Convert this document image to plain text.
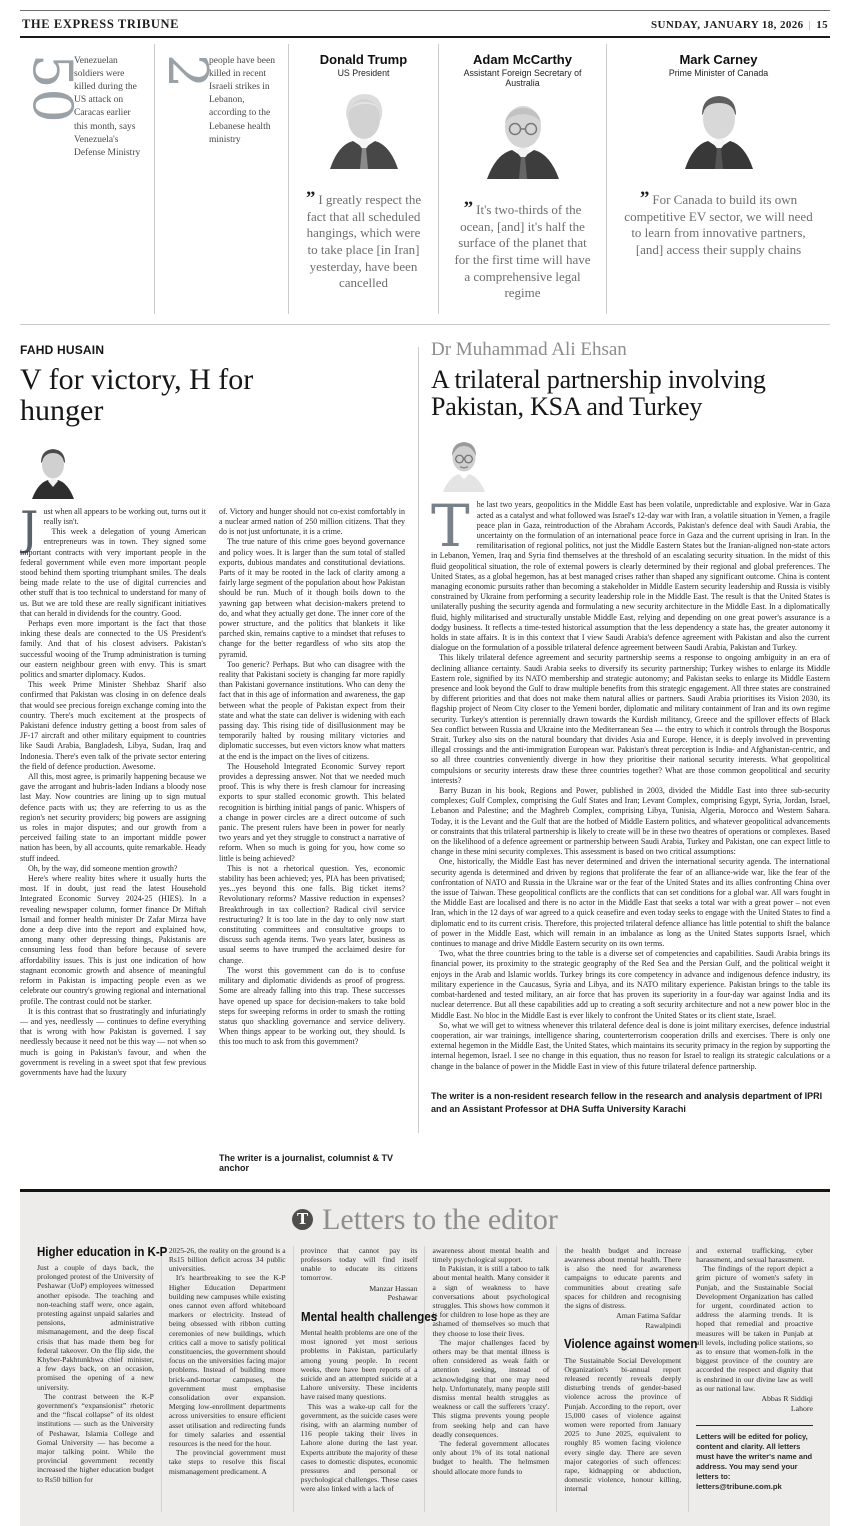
THE EXPRESS TRIBUNE	SUNDAY, JANUARY 18, 2026 | 15
50

Venezuelan soldiers were killed during the US attack on Caracas earlier this month, says Venezuela's Defense Ministry

2

people have been killed in recent Israeli strikes in Lebanon, according to the Lebanese health ministry

Donald Trump
US President

” I greatly respect the fact that all scheduled hangings, which were to take place [in Iran] yesterday, have been cancelled

Adam McCarthy
Assistant Foreign Secretary of Australia

” It's two-thirds of the ocean, [and] it's half the surface of the planet that for the first time will have a comprehensive legal regime

Mark Carney
Prime Minister of Canada

” For Canada to build its own competitive EV sector, we will need to learn from innovative partners, [and] access their supply chains

FAHD HUSAIN
V for victory, H for
hunger

Just when all appears to be working out, turns out it really isn't.

This week a delegation of young American entrepreneurs was in town. They signed some important contracts with very important people in the federal government while even more important people stood behind them sporting triumphant smiles. The deals being made relate to the use of digital currencies and other stuff that is too technical to understand for many of us. But we are told these are really significant initiatives that can herald in dividends for the country. Good.

Perhaps even more important is the fact that those inking these deals are connected to the US President's family. And that of his closest advisers. Pakistan's successful wooing of the Trump administration is turning our eastern neighbour green with envy. This is smart politics and smarter diplomacy. Kudos.

This week Prime Minister Shehbaz Sharif also confirmed that Pakistan was closing in on defence deals that would see precious foreign exchange coming into the country. There's much excitement at the prospects of Pakistani defence industry getting a boost from sales of JF-17 aircraft and other military equipment to countries like Saudi Arabia, Bangladesh, Libya, Sudan, Iraq and Indonesia. There's even talk of the private sector entering the field of defence production. Awesome.

All this, most agree, is primarily happening because we gave the arrogant and hubris-laden Indians a bloody nose last May. Now countries are lining up to sign mutual defence pacts with us; they are referring to us as the region's net security providers; big powers are assigning us roles in major disputes; and our growth from a perceived failing state to an important middle power nation has been, by all accounts, quite remarkable. Heady stuff indeed.

Oh, by the way, did someone mention growth?

Here's where reality bites where it usually hurts the most. If in doubt, just read the latest Household Integrated Economic Survey 2024-25 (HIES). In a revealing newspaper column, former finance Dr Miftah Ismail and former health minister Dr Zafar Mirza have done a deep dive into the report and explained how, among many other depressing things, Pakistanis are consuming less food than before because of severe affordability issues. This is just one indication of how stagnant economic growth and absence of meaningful reform in Pakistan is impacting people even as we celebrate our country's growing regional and international profile. The contrast could not be starker.

It is this contrast that so frustratingly and infuriatingly — and yes, needlessly — continues to define everything that is wrong with how Pakistan is governed. I say needlessly because it need not be this way — not when so much is going in Pakistan's favour, and when the government is reveling in a sweet spot that few previous governments have had the luxury

of. Victory and hunger should not co-exist comfortably in a nuclear armed nation of 250 million citizens. That they do is not just unfortunate, it is a crime.

The true nature of this crime goes beyond governance and policy woes. It is larger than the sum total of stalled exports, dubious mandates and constitutional deviations. Parts of it may be rooted in the lack of clarity among a fairly large segment of the population about how Pakistan should be run. Much of it though boils down to the yawning gap between what decision-makers pretend to do, and what they actually get done. The inner core of the power structure, and the politics that blankets it like parched skin, remains captive to a mindset that refuses to change for the better regardless of who sits atop the pyramid.

Too generic? Perhaps. But who can disagree with the reality that Pakistani society is changing far more rapidly than Pakistani governance institutions. Who can deny the fact that in this age of information and awareness, the gap between what the people of Pakistan expect from their state and what the state can deliver is widening with each passing day. This rising tide of disillusionment may be temporarily halted by rousing military victories and diplomatic successes, but even victors know what matters at the end is the impact on the lives of citizens.

The Household Integrated Economic Survey report provides a depressing answer. Not that we needed much proof. This is why there is fresh clamour for increasing exports to spur stalled economic growth. This belated recognition is birthing initial pangs of panic. Whispers of a change in power circles are a direct outcome of such panic. The present rulers have been in power for nearly two years and yet they struggle to construct a narrative of reform. When so much is going for you, how come so little is being achieved?

This is not a rhetorical question. Yes, economic stability has been achieved; yes, PIA has been privatised; yes...yes beyond this one falls. Big ticket items? Revolutionary reforms? Massive reduction in expenses? Breakthrough in tax collection? Radical civil service restructuring? It is too late in the day to only now start constituting committees and consultative groups to discuss such agenda items. Two years later, business as usual seems to have trumped the acclaimed desire for change.

The worst this government can do is to confuse military and diplomatic dividends as proof of progress. Some are already falling into this trap. These successes have opened up space for decision-makers to take bold steps for sweeping reforms in order to smash the rotting status quo shackling governance and service delivery. When things appear to be working out, they should. Is this too much to ask from this government?

The writer is a journalist, columnist & TV anchor
Dr Muhammad Ali Ehsan
A trilateral partnership involving
Pakistan, KSA and Turkey

The last two years, geopolitics in the Middle East has been volatile, unpredictable and explosive. War in Gaza acted as a catalyst and what followed was Israel's 12-day war with Iran, a volatile situation in Yemen, a fragile peace plan in Gaza, reintroduction of the Abraham Accords, Pakistan's defence deal with Saudi Arabia, the uncertainty on the formulation of an international peace force in Gaza and the current uprising in Iran. In the remilitarisation of regional politics, not just the Middle Eastern States but the Iranian-aligned non-state actors in Lebanon, Yemen, Iraq and Syria find themselves at the threshold of an escalating security situation. In the midst of this fluid geopolitical situation, the role of external powers is clearly determined by their regional and global preferences. The United States, as a global hegemon, has at best managed crises rather than shaped any significant outcome. China is content managing economic pursuits rather than becoming a stakeholder in Middle Eastern security leadership and Russia is visibly constrained by Ukraine from performing a security leadership role in the Middle East. The result is that the United States is unilaterally pushing the security agenda and formulating a new security architecture in the Middle East. In a diplomatically fluid, highly militarised and structurally unstable Middle East, relying and depending on one great power's assurance is a dodgy business. It reflects a time-tested historical assumption that the less dependency a state has, the greater autonomy it holds in state affairs. It is in this context that I view Saudi Arabia's defence agreement with Pakistan and also the current dialogue on the formulation of a possible trilateral defence agreement between Saudi Arabia, Pakistan and Turkey.

This likely trilateral defence agreement and security partnership seems a response to ongoing ambiguity in an era of declining alliance certainty. Saudi Arabia seeks to diversify its security partnership; Turkey wishes to enlarge its Middle Eastern role, signified by its NATO membership and strategic autonomy; and Pakistan seeks to enlarge its Middle Eastern presence and look beyond the Gulf to draw multiple benefits from this strategic engagement. All three states are constrained by different priorities and that does not make them natural allies or partners. Saudi Arabia prioritises its Vision 2030, its flagship project of Neom City closer to the Yemeni border, diplomatic and military containment of Iran and its own regime security. Turkey's attention is perennially drawn towards the Kurdish militancy, Greece and the spillover effects of Black Sea conflict between Russia and Ukraine into the Mediterranean Sea — the entry to which it controls through the Bosporus Strait. Turkey also sits on the natural boundary that divides Asia and Europe. Hence, it is deeply involved in preventing illegal crossings and the anti-immigration European war. Pakistan's threat perception is India- and Afghanistan-centric, and so all three countries conveniently diverge in how they prioritise their national security interests. What geopolitical compulsions or security interests draw these three countries together? What are those common geopolitical and security interests?

Barry Buzan in his book, Regions and Power, published in 2003, divided the Middle East into three sub-security complexes; Gulf Complex, comprising the Gulf States and Iran; Levant Complex, comprising Egypt, Syria, Jordan, Israel, Lebanon and Palestine; and the Maghreb Complex, comprising Libya, Tunisia, Algeria, Morocco and Western Sahara. Today, it is the Levant and the Gulf that are the hotbed of Middle Eastern politics, and whatever geopolitical advancements or constraints that this trilateral partnership is likely to create will be in these two theatres of operations or complexes. Based on the likelihood of a defence agreement or partnership between Saudi Arabia, Turkey and Pakistan, one can expect little to change in these mini security complexes. This assessment is based on two critical assumptions:

One, historically, the Middle East has never determined and driven the international security agenda. The international security agenda is determined and driven by regions that proliferate the fear of an alliance-wide war, like the fear of the confrontation of NATO and Russia in the Ukraine war or the fear of the United States and its allies confronting China over the issue of Taiwan. These geopolitical conflicts are the conflicts that can set conditions for a global war. All wars fought in the Middle East are localised and there is no actor in the Middle East that seeks a total war with a great power – not even Iran, which in the 12 days of war agreed to a quick ceasefire and even today seeks to engage with the United States to find a diplomatic end to its current crisis. Therefore, this projected trilateral defence alliance has little potential to shift the balance of power in the Middle East, which will remain in an imbalance as long as the United States supports Israel, which continues to manage and drive Middle Eastern security on its own terms.

Two, what the three countries bring to the table is a diverse set of competencies and capabilities. Saudi Arabia brings its financial power, its proximity to the strategic geography of the Red Sea and the Persian Gulf, and the political weight it enjoys in the Arab and Islamic worlds. Turkey brings its core competency in advance and indigenous defence industry, its military experience in the Caucasus, Syria and Libya, and its NATO military experience. Pakistan brings to the table its combat-hardened and tested military, an air force that has proven its superiority in a four-day war against India and its nuclear deterrence. But all these capabilities add up to creating a soft security architecture and not a new power bloc in the Middle East. No bloc in the Middle East is ever likely to confront the United States or its client state, Israel.

So, what we will get to witness whenever this trilateral defence deal is done is joint military exercises, defence industrial cooperation, air war trainings, intelligence sharing, counterterrorism cooperation drills and exercises. There is only one external hegemon in the Middle East, the United States, which maintains its security primacy in the region by supporting the internal hegemon, Israel. I see no change in this equation, thus no reason for Israel to realign its strategic calculations or a change in the balance of power in the Middle East in view of this future trilateral defence partnership.

The writer is a non-resident research fellow in the research and analysis department of IPRI and an Assistant Professor at DHA Suffa University Karachi
T Letters to the editor
Higher education in K-P

Just a couple of days back, the prolonged protest of the University of Peshawar (UoP) employees witnessed another episode. The teaching and non-teaching staff were, once again, protesting against unpaid salaries and pensions, administrative mismanagement, and the deep fiscal crisis that has made them beg for federal takeover. On the flip side, the Khyber-Pakhtunkhwa chief minister, a few days back, on an occasion, promised the opening of a new university.

The contrast between the K-P government's “expansionist” rhetoric and the “fiscal collapse” of its oldest institutions — such as the University of Peshawar, Islamia College and Gomal University — has become a major talking point. While the provincial government recently increased the higher education budget to Rs50 billion for

2025-26, the reality on the ground is a Rs15 billion deficit across 34 public universities.

It's heartbreaking to see the K-P Higher Education Department building new campuses while existing ones cannot even afford whiteboard markers or electricity. Instead of being obsessed with ribbon cutting ceremonies of new buildings, which critics call a move to satisfy political constituencies, the government should focus on the universities facing major problems. Instead of building more brick-and-mortar campuses, the government must emphasise consolidation over expansion. Merging low-enrollment departments across universities to ensure efficient asset utilisation and redirecting funds for timely salaries and essential resources is the need for the hour.

The provincial government must take steps to resolve this fiscal mismanagement predicament. A

province that cannot pay its professors today will find itself unable to educate its citizens tomorrow.

Manzar Hassan
Peshawar
Mental health challenges

Mental health problems are one of the most ignored yet most serious problems in Pakistan, particularly among young people. In recent weeks, there have been reports of a suicide and an attempted suicide at a Lahore university. These incidents have raised many questions.

This was a wake-up call for the government, as the suicide cases were rising, with an alarming number of 116 people taking their lives in Lahore alone during the last year. Experts attribute the majority of these cases to domestic disputes, economic pressures and personal or psychological challenges. These cases were also linked with a lack of

awareness about mental health and timely psychological support.

In Pakistan, it is still a taboo to talk about mental health. Many consider it a sign of weakness to have conversations about psychological struggles. This shows how common it is for children to lose hope as they are ashamed of themselves so much that they choose to lose their lives.

The major challenges faced by others may be that mental illness is often considered as weak faith or attention seeking, instead of acknowledging that one may need help. Unfortunately, many people still dismiss mental health struggles as weakness or call the sufferers 'crazy'. This stigma prevents young people from seeking help and can have deadly consequences.

The federal government allocates only about 1% of its total national budget to health. The helmsmen should allocate more funds to

the health budget and increase awareness about mental health. There is also the need for awareness campaigns to educate parents and communities about creating safe spaces for children and recognising the signs of distress.

Aman Fatima Safdar
Rawalpindi
Violence against women

The Sustainable Social Development Organization's bi-annual report released recently reveals deeply disturbing trends of gender-based violence across the province of Punjab. According to the report, over 15,000 cases of violence against women were reported from January 2025 to June 2025, equivalent to roughly 85 women facing violence every single day. There are seven major categories of such offences: rape, kidnapping or abduction, domestic violence, honour killing, internal

and external trafficking, cyber harassment, and sexual harassment.

The findings of the report depict a grim picture of women's safety in Punjab, and the Sustainable Social Development Organization has called for urgent, coordinated action to address the alarming trends. It is hoped that remedial and proactive measures will be taken in Punjab at all levels, including police stations, so as to ensure that women-folk in the biggest province of the country are accorded the respect and dignity that is enshrined in our divine law as well as our national law.

Abbas R Siddiqi
Lahore

Letters will be edited for policy, content and clarity. All letters must have the writer's name and address. You may send your letters to:

letters@tribune.com.pk
